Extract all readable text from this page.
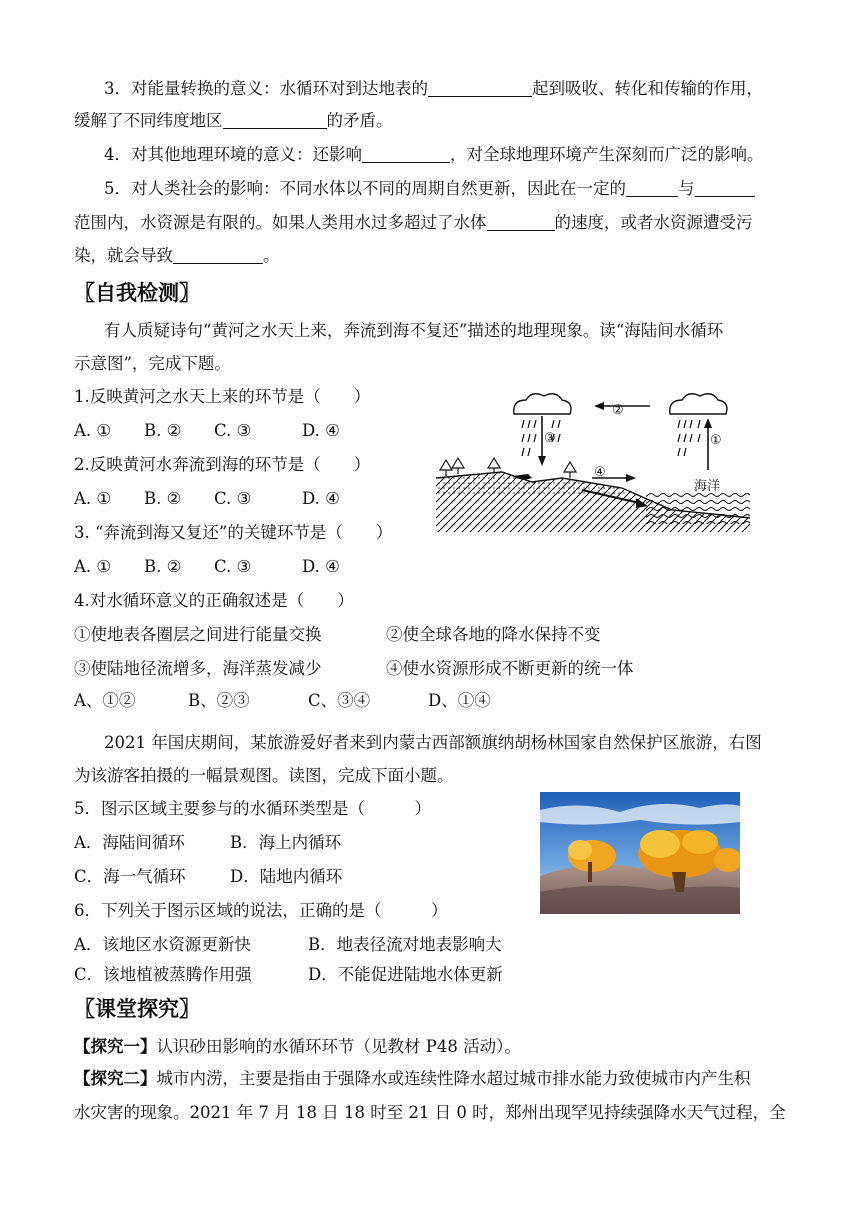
3．对能量转换的意义：水循环对到达地表的	起到吸收、转化和传输的作用，
缓解了不同纬度地区	的矛盾。
4．对其他地理环境的意义：还影响	，对全球地理环境产生深刻而广泛的影响。
5．对人类社会的影响：不同水体以不同的周期自然更新，因此在一定的	与
范围内，水资源是有限的。如果人类用水过多超过了水体	的速度，或者水资源遭受污
染，就会导致	。
〖自我检测〗
有人质疑诗句“黄河之水天上来，奔流到海不复还”描述的地理现象。读“海陆间水循环
示意图”，完成下题。
1.反映黄河之水天上来的环节是（　　）
A. ① B. ② C. ③	D. ④
2.反映黄河水奔流到海的环节是（　　）
A. ① B. ② C. ③	D. ④
3. “奔流到海又复还”的关键环节是（　　）
A. ① B. ② C. ③	D. ④
②
③	①
④
海洋
4.对水循环意义的正确叙述是（　　）
①使地表各圈层之间进行能量交换	②使全球各地的降水保持不变
③使陆地径流增多，海洋蒸发减少	④使水资源形成不断更新的统一体
A、①②	B、②③	C、③④	D、①④
2021 年国庆期间，某旅游爱好者来到内蒙古西部额旗纳胡杨林国家自然保护区旅游，右图
为该游客拍摄的一幅景观图。读图，完成下面小题。
5．图示区域主要参与的水循环类型是（　　　）
A．海陆间循环	B．海上内循环
C．海一气循环	D．陆地内循环
6．下列关于图示区域的说法，正确的是（　　　）
A．该地区水资源更新快	B．地表径流对地表影响大
C．该地植被蒸腾作用强	D．不能促进陆地水体更新
〖课堂探究〗
【探究一】认识砂田影响的水循环环节（见教材 P48 活动）。
【探究二】城市内涝，主要是指由于强降水或连续性降水超过城市排水能力致使城市内产生积
水灾害的现象。2021 年 7 月 18 日 18 时至 21 日 0 时，郑州出现罕见持续强降水天气过程，全
